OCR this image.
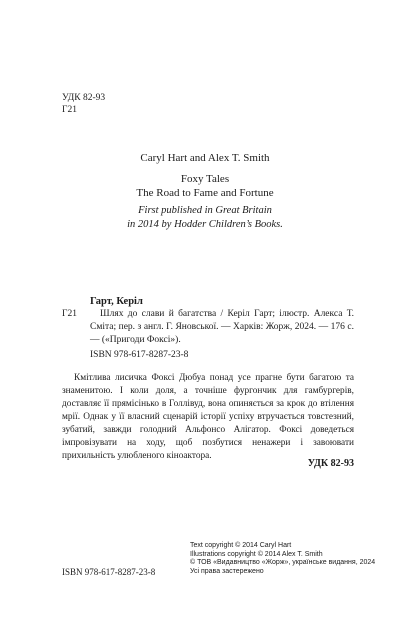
УДК 82-93
Г21
Caryl Hart and Alex T. Smith
Foxy Tales
The Road to Fame and Fortune
First published in Great Britain
in 2014 by Hodder Children’s Books.
Гарт, Керіл
Г21	Шлях до слави й багатства / Керіл Гарт; ілюстр. Алекса Т. Сміта; пер. з англ. Г. Яновської. — Харків: Жорж, 2024. — 176 с. — («Пригоди Фоксі»).
ISBN 978-617-8287-23-8
Кмітлива лисичка Фоксі Дюбуа понад усе прагне бути багатою та знаменитою. І коли доля, а точніше фургончик для гамбургерів, доставляє її прямісінько в Голлівуд, вона опиняється за крок до втілення мрії. Однак у її власний сценарій історії успіху втручається товстезний, зубатий, завжди голодний Альфонсо Алігатор. Фоксі доведеться імпровізувати на ходу, щоб позбутися ненажери і завоювати прихильність улюбленого кіноактора.
УДК 82-93
ISBN 978-617-8287-23-8
Text copyright © 2014 Caryl Hart
Illustrations copyright © 2014 Alex T. Smith
© ТОВ «Видавництво «Жорж», українське видання, 2024
Усі права застережено
